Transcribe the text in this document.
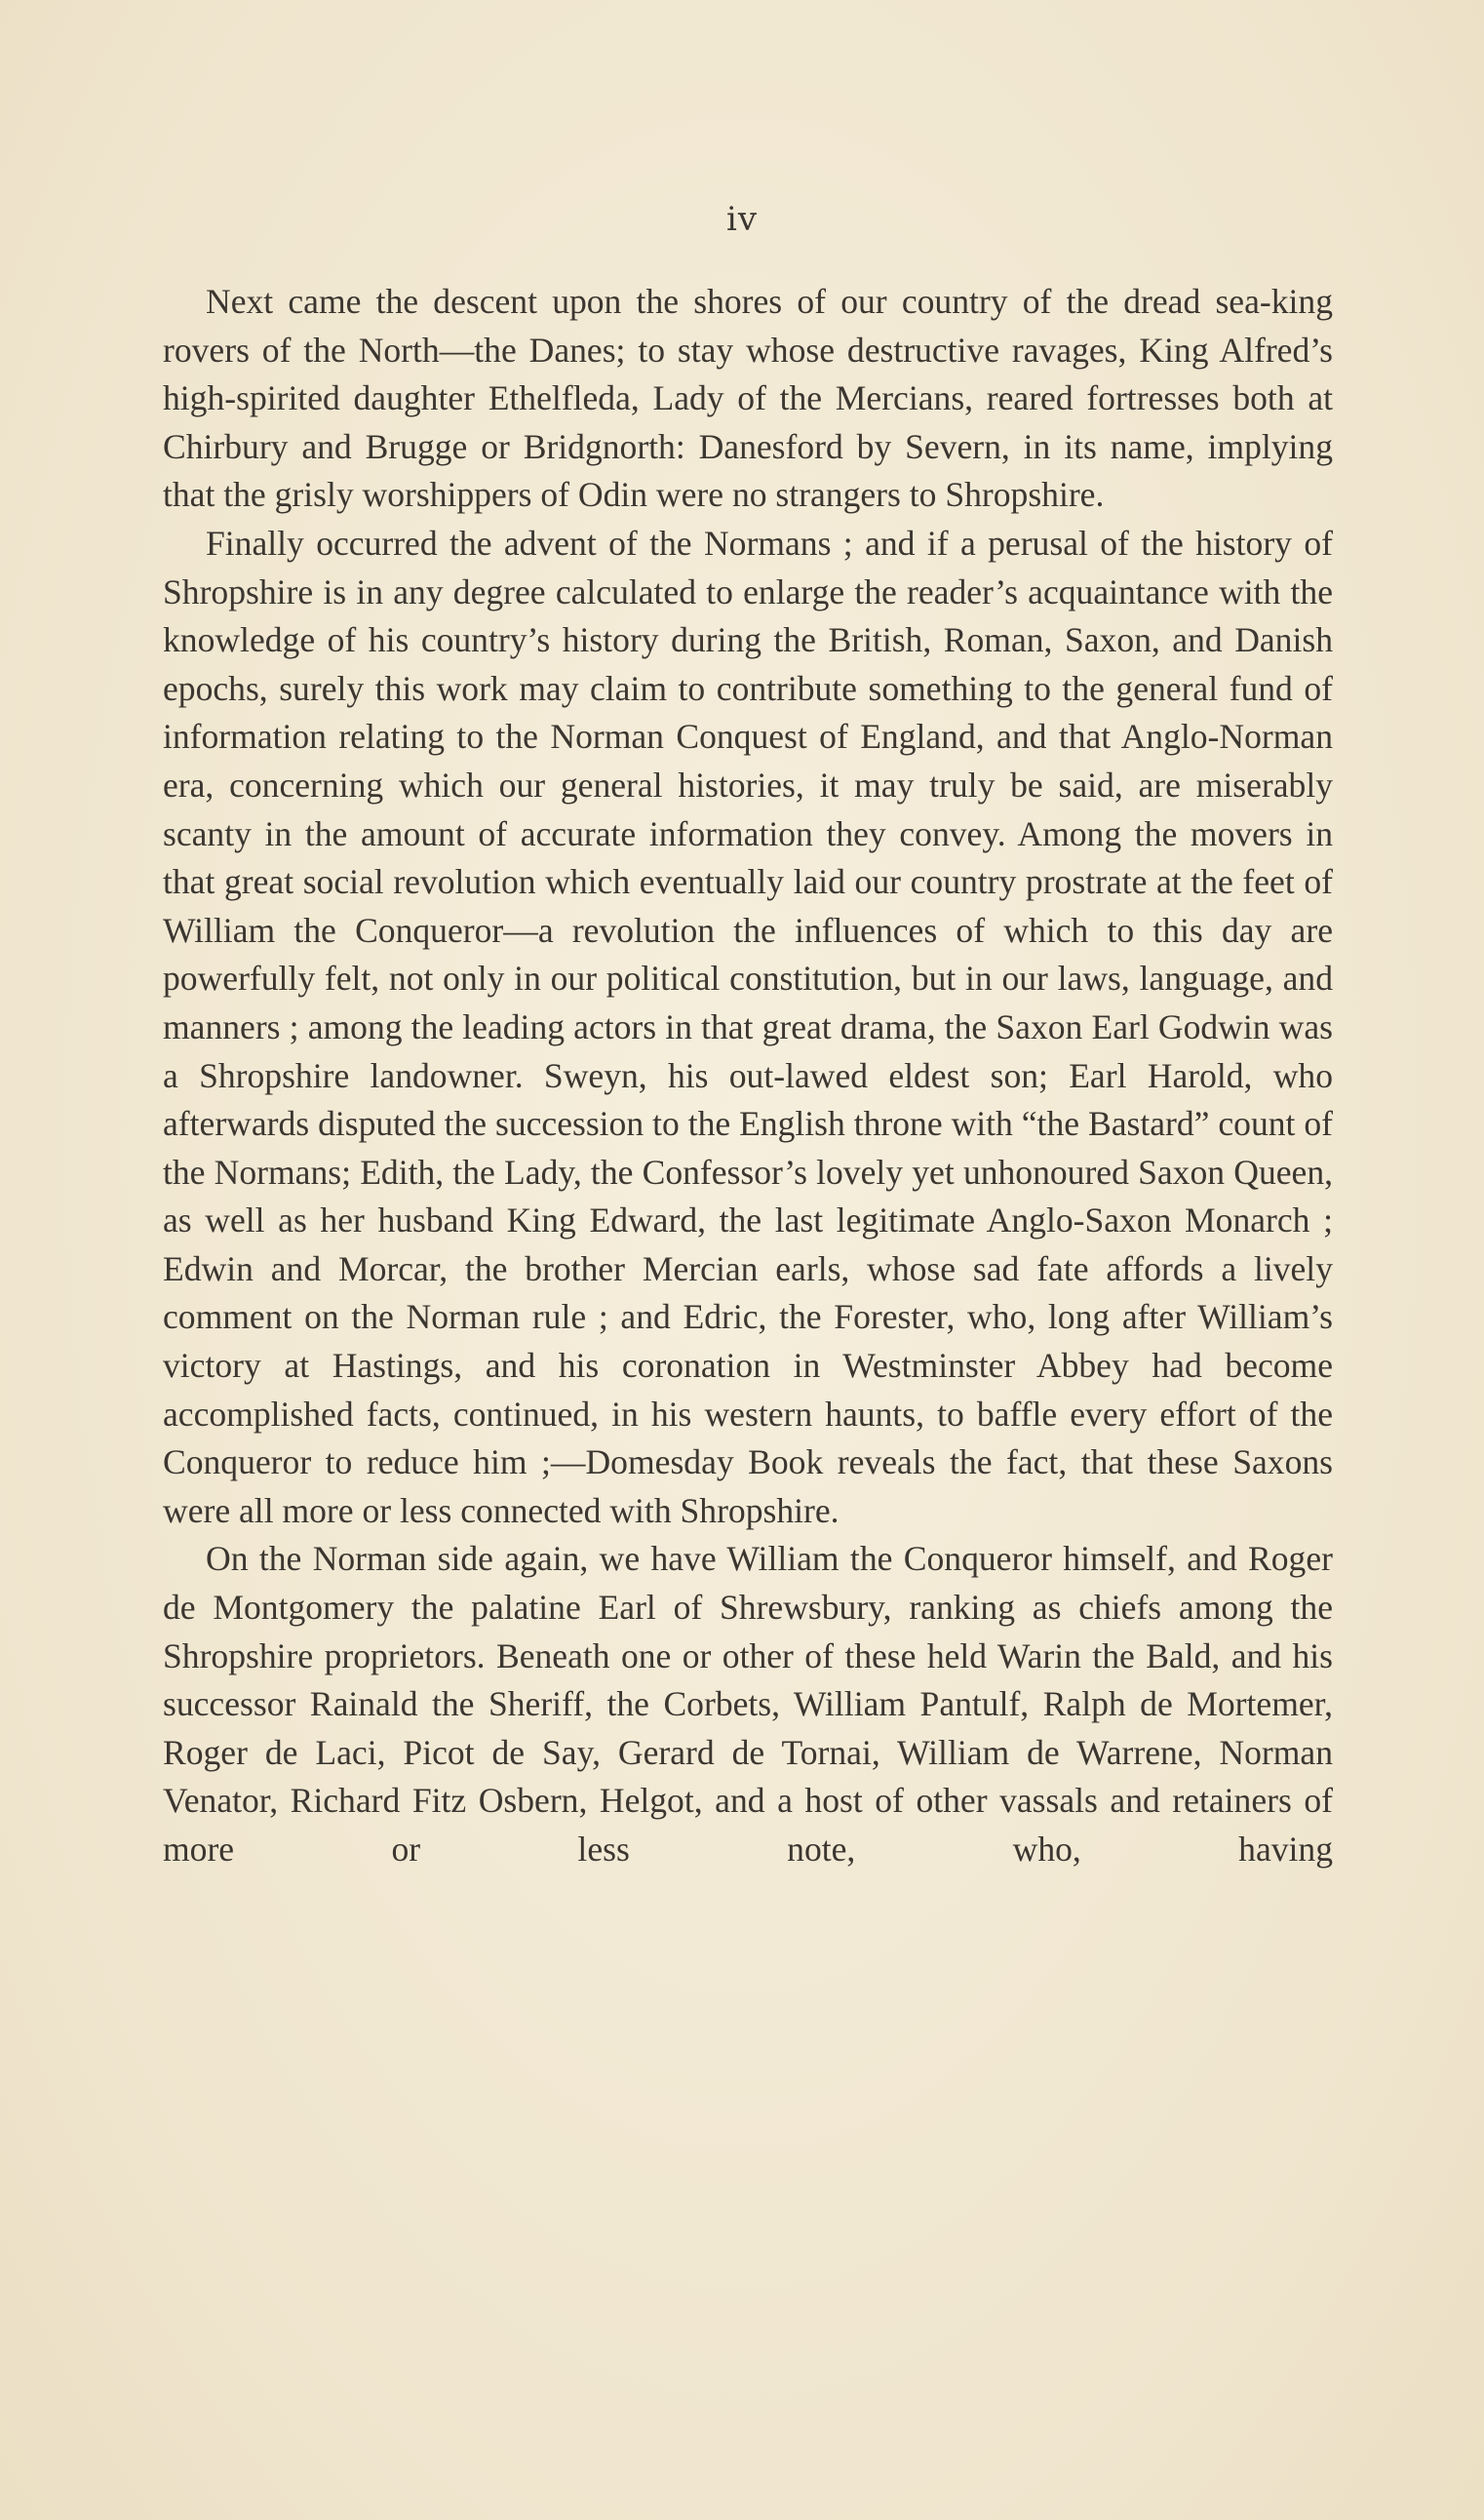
iv

Next came the descent upon the shores of our country of the dread sea-king rovers of the North—the Danes; to stay whose destructive ravages, King Alfred’s high-spirited daughter Ethelfleda, Lady of the Mercians, reared fortresses both at Chirbury and Brugge or Bridgnorth: Danesford by Severn, in its name, implying that the grisly worshippers of Odin were no strangers to Shropshire.

Finally occurred the advent of the Normans ; and if a perusal of the history of Shropshire is in any degree calculated to enlarge the reader’s acquaintance with the knowledge of his country’s history during the British, Roman, Saxon, and Danish epochs, surely this work may claim to contribute something to the general fund of information relating to the Norman Conquest of England, and that Anglo-Norman era, concerning which our general histories, it may truly be said, are miserably scanty in the amount of accurate information they convey. Among the movers in that great social revolution which eventually laid our country prostrate at the feet of William the Conqueror—a revolution the influences of which to this day are powerfully felt, not only in our political constitution, but in our laws, language, and manners ; among the leading actors in that great drama, the Saxon Earl Godwin was a Shropshire landowner. Sweyn, his out-lawed eldest son; Earl Harold, who afterwards disputed the succession to the English throne with “the Bastard” count of the Normans; Edith, the Lady, the Confessor’s lovely yet unhonoured Saxon Queen, as well as her husband King Edward, the last legitimate Anglo-Saxon Monarch ; Edwin and Morcar, the brother Mercian earls, whose sad fate affords a lively comment on the Norman rule ; and Edric, the Forester, who, long after William’s victory at Hastings, and his coronation in Westminster Abbey had become accomplished facts, continued, in his western haunts, to baffle every effort of the Conqueror to reduce him ;—Domesday Book reveals the fact, that these Saxons were all more or less connected with Shropshire.

On the Norman side again, we have William the Conqueror himself, and Roger de Montgomery the palatine Earl of Shrewsbury, ranking as chiefs among the Shropshire proprietors. Beneath one or other of these held Warin the Bald, and his successor Rainald the Sheriff, the Corbets, William Pantulf, Ralph de Mortemer, Roger de Laci, Picot de Say, Gerard de Tornai, William de Warrene, Norman Venator, Richard Fitz Osbern, Helgot, and a host of other vassals and retainers of more or less note, who, having
